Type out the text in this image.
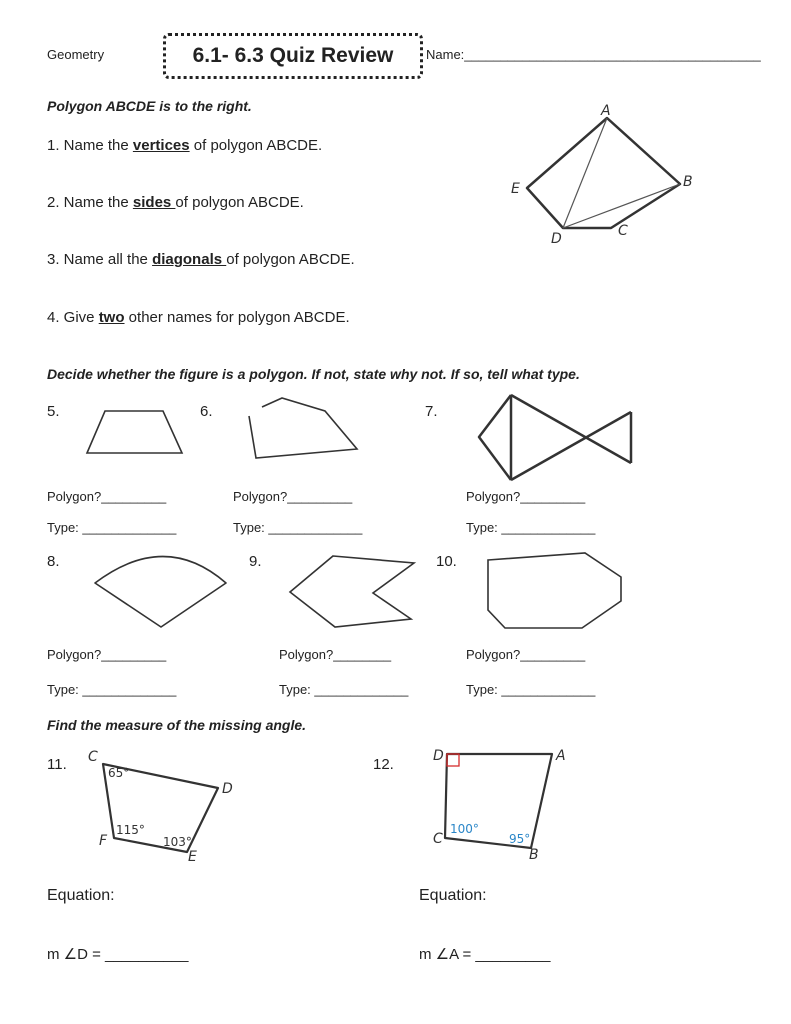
Geometry	6.1- 6.3 Quiz Review	Name:_________________________________________
Polygon ABCDE is to the right.
1. Name the vertices of polygon ABCDE.
2. Name the sides of polygon ABCDE.
3. Name all the diagonals of polygon ABCDE.
4. Give two other names for polygon ABCDE.
A
B
C
D
E
Decide whether the figure is a polygon. If not, state why not. If so, tell what type.
5.	6.	7.
Polygon?_________	Polygon?_________	Polygon?_________
Type: _____________	Type: _____________	Type: _____________
8.	9.	10.
Polygon?_________	Polygon?________	Polygon?_________
Type: _____________	Type: _____________	Type: _____________
Find the measure of the missing angle.
11.	12.
C
D
E
F
65°
115°
103°
D	A
C
B
100°
95°
Equation:	Equation:
m ∠D = __________	m ∠A = _________
